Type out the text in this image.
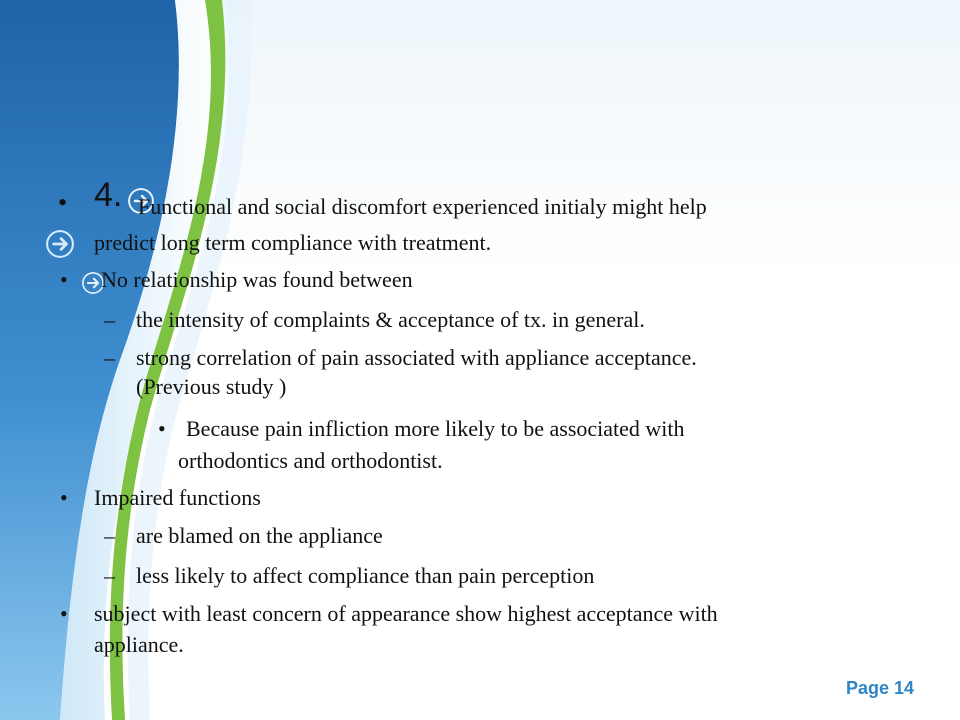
• 4. Functional and social discomfort experienced initialy might help
predict long term compliance with treatment.
• No relationship was found between
– the intensity of complaints & acceptance of tx. in general.
– strong correlation of pain associated with appliance acceptance.
(Previous study )
• Because pain infliction more likely to be associated with
orthodontics and orthodontist.
• Impaired functions
– are blamed on the appliance
– less likely to affect compliance than pain perception
• subject with least concern of appearance show highest acceptance with
appliance.
Page 14
